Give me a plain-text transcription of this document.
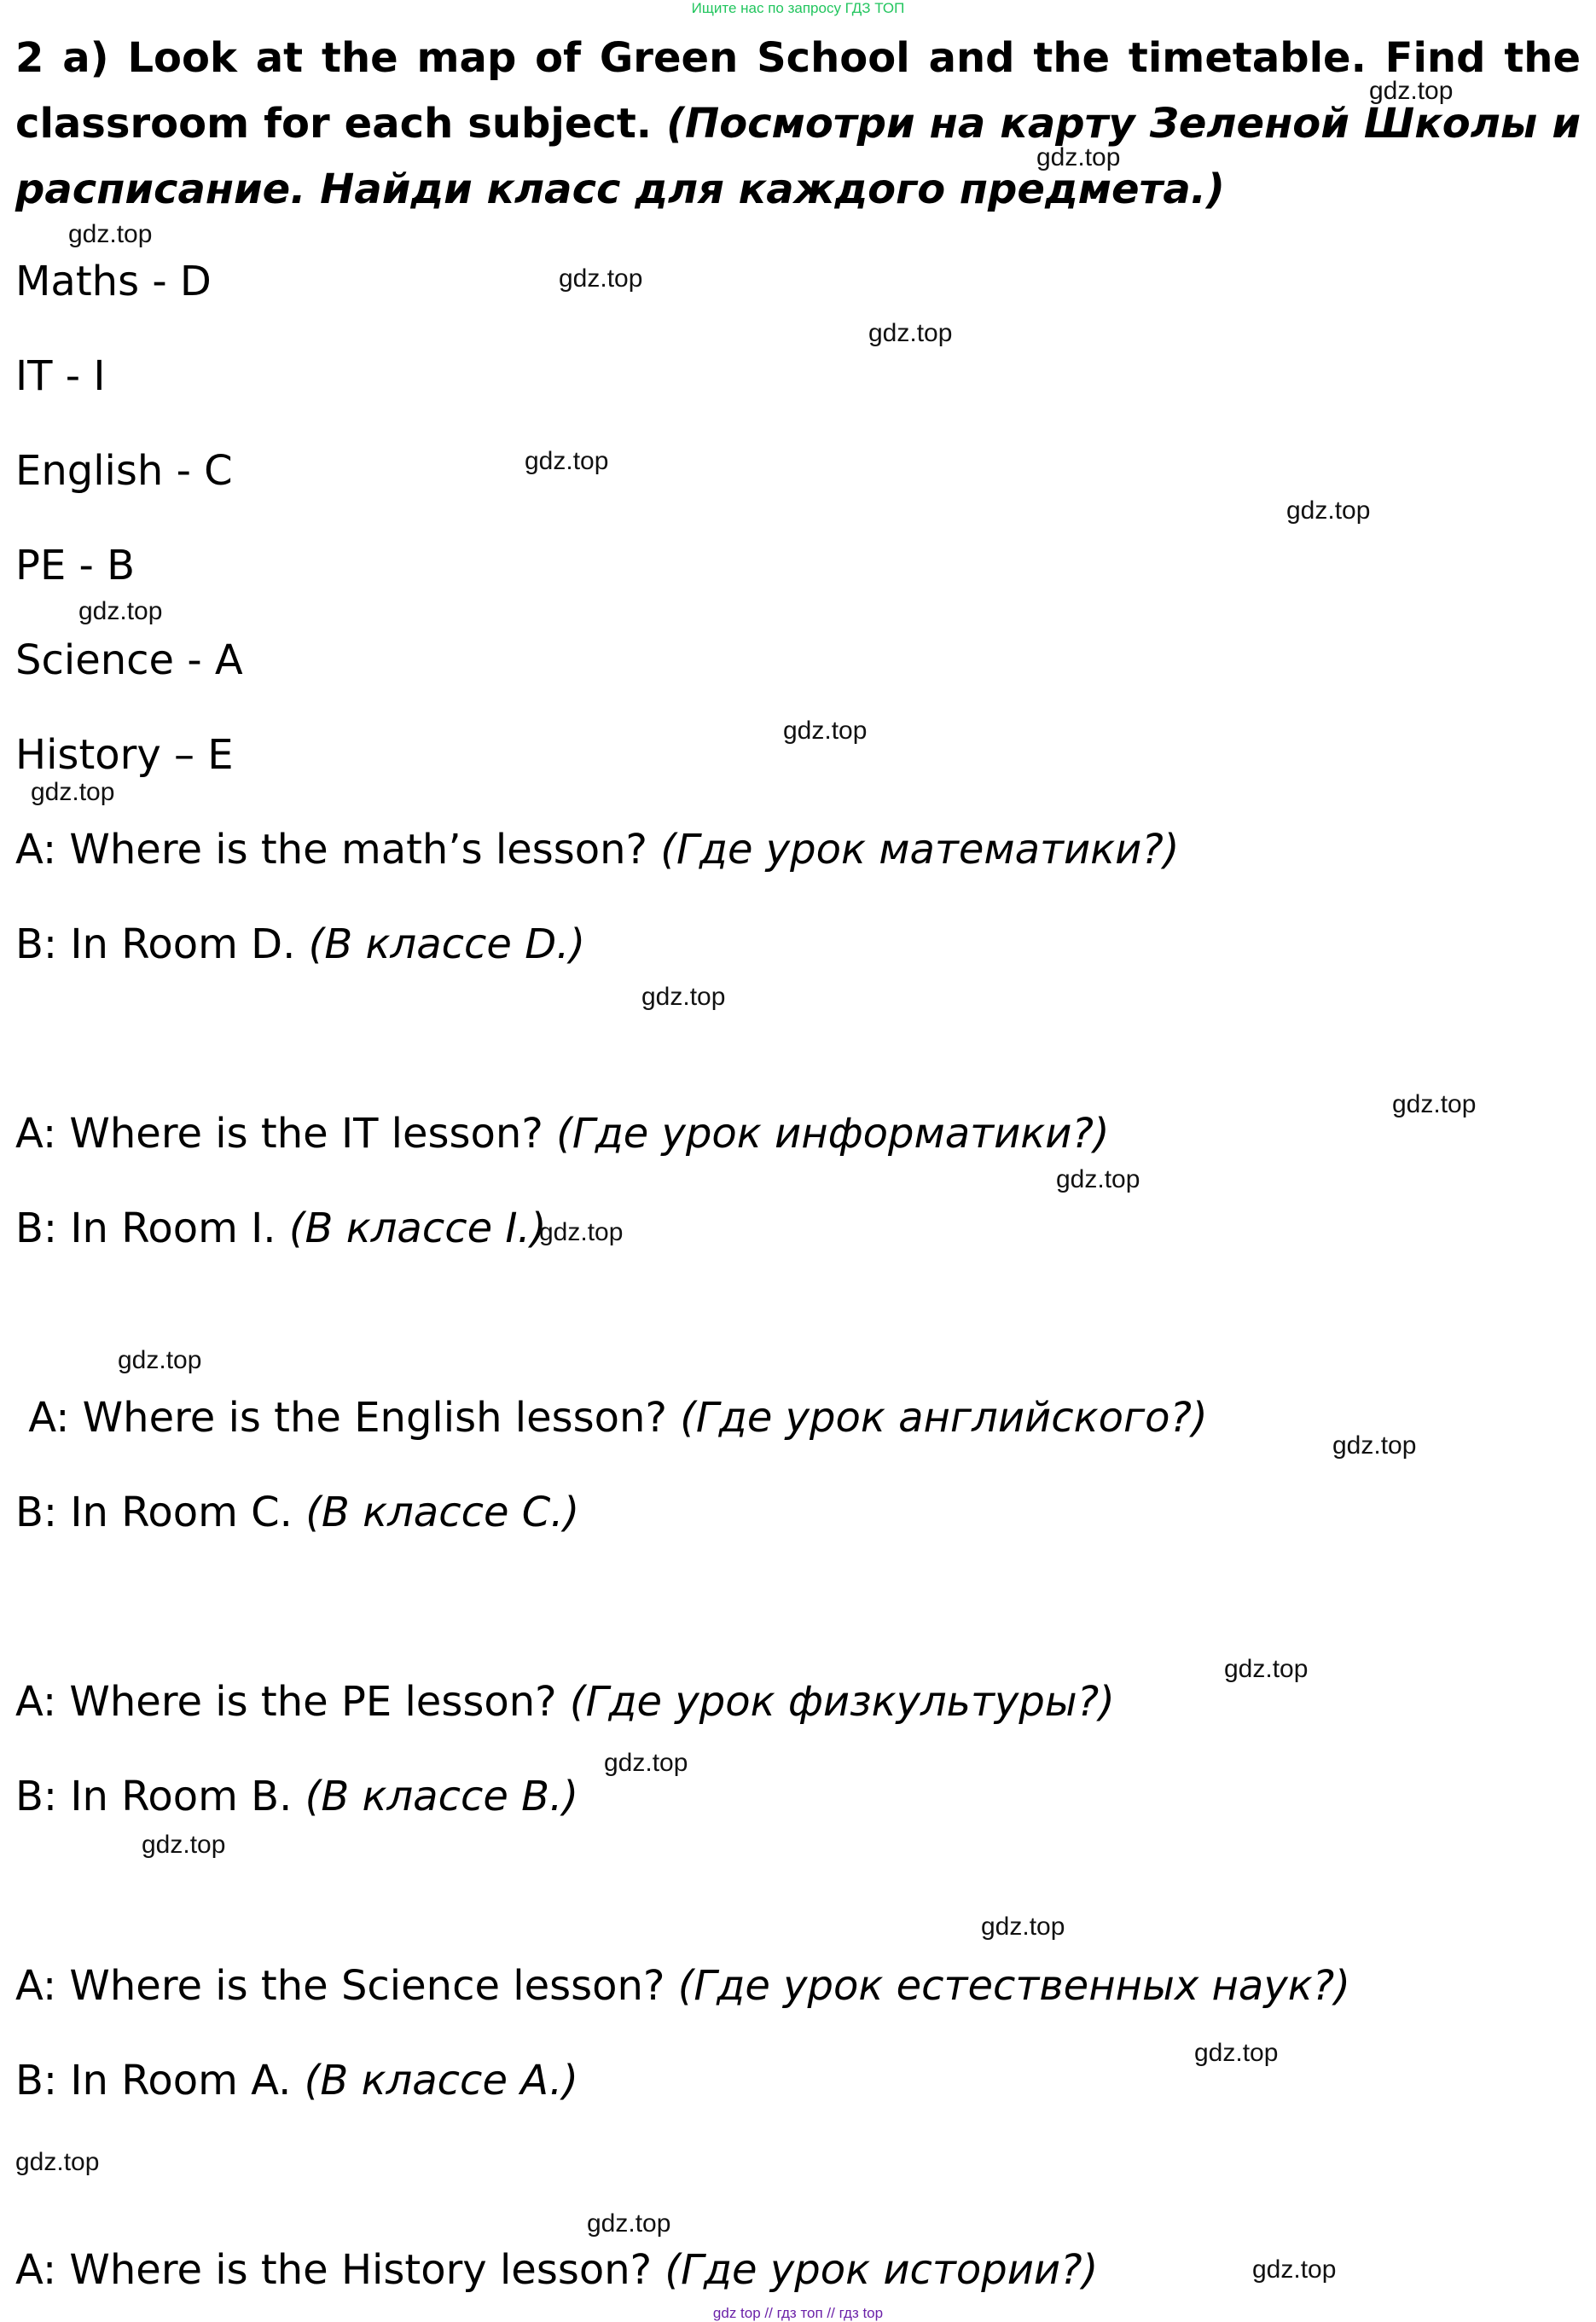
Ищите нас по запросу ГДЗ ТОП
2 a) Look at the map of Green School and the timetable. Find the classroom for each subject. (Посмотри на карту Зеленой Школы и расписание. Найди класс для каждого предмета.)
Maths - D
IT - I
English - C
PE - B
Science - A
History – E
A: Where is the math’s lesson? (Где урок математики?)
B: In Room D. (В классе D.)
A: Where is the IT lesson? (Где урок информатики?)
B: In Room I. (В классе I.)
A: Where is the English lesson? (Где урок английского?)
B: In Room C. (В классе C.)
A: Where is the PE lesson? (Где урок физкультуры?)
B: In Room B. (В классе B.)
A: Where is the Science lesson? (Где урок естественных наук?)
B: In Room A. (В классе A.)
A: Where is the History lesson? (Где урок истории?)
gdz.top
gdz.top
gdz.top
gdz.top
gdz.top
gdz.top
gdz.top
gdz.top
gdz.top
gdz.top
gdz.top
gdz.top
gdz.top
gdz.top
gdz.top
gdz.top
gdz.top
gdz.top
gdz.top
gdz.top
gdz.top
gdz.top
gdz.top
gdz.top
gdz top // гдз топ // гдз top
